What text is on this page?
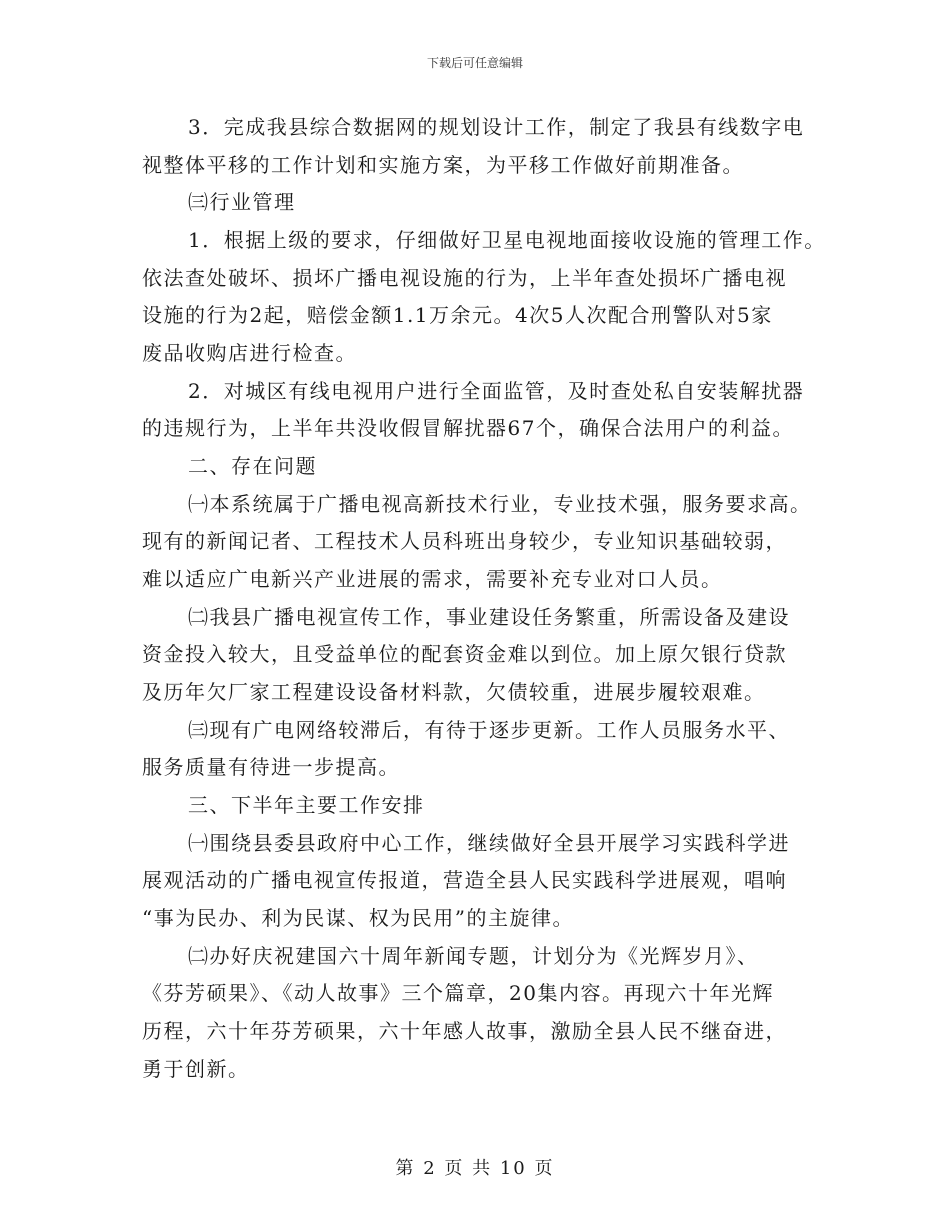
下载后可任意编辑
3．完成我县综合数据网的规划设计工作，制定了我县有线数字电
视整体平移的工作计划和实施方案，为平移工作做好前期准备。
㈢行业管理
1．根据上级的要求，仔细做好卫星电视地面接收设施的管理工作。
依法查处破坏、损坏广播电视设施的行为，上半年查处损坏广播电视
设施的行为2起，赔偿金额1.1万余元。4次5人次配合刑警队对5家
废品收购店进行检查。
2．对城区有线电视用户进行全面监管，及时查处私自安装解扰器
的违规行为，上半年共没收假冒解扰器67个，确保合法用户的利益。
二、存在问题
㈠本系统属于广播电视高新技术行业，专业技术强，服务要求高。
现有的新闻记者、工程技术人员科班出身较少，专业知识基础较弱，
难以适应广电新兴产业进展的需求，需要补充专业对口人员。
㈡我县广播电视宣传工作，事业建设任务繁重，所需设备及建设
资金投入较大，且受益单位的配套资金难以到位。加上原欠银行贷款
及历年欠厂家工程建设设备材料款，欠债较重，进展步履较艰难。
㈢现有广电网络较滞后，有待于逐步更新。工作人员服务水平、
服务质量有待进一步提高。
三、下半年主要工作安排
㈠围绕县委县政府中心工作，继续做好全县开展学习实践科学进
展观活动的广播电视宣传报道，营造全县人民实践科学进展观，唱响
“事为民办、利为民谋、权为民用”的主旋律。
㈡办好庆祝建国六十周年新闻专题，计划分为《光辉岁月》、
《芬芳硕果》、《动人故事》三个篇章，20集内容。再现六十年光辉
历程，六十年芬芳硕果，六十年感人故事，激励全县人民不继奋进，
勇于创新。
第 2 页 共 10 页
